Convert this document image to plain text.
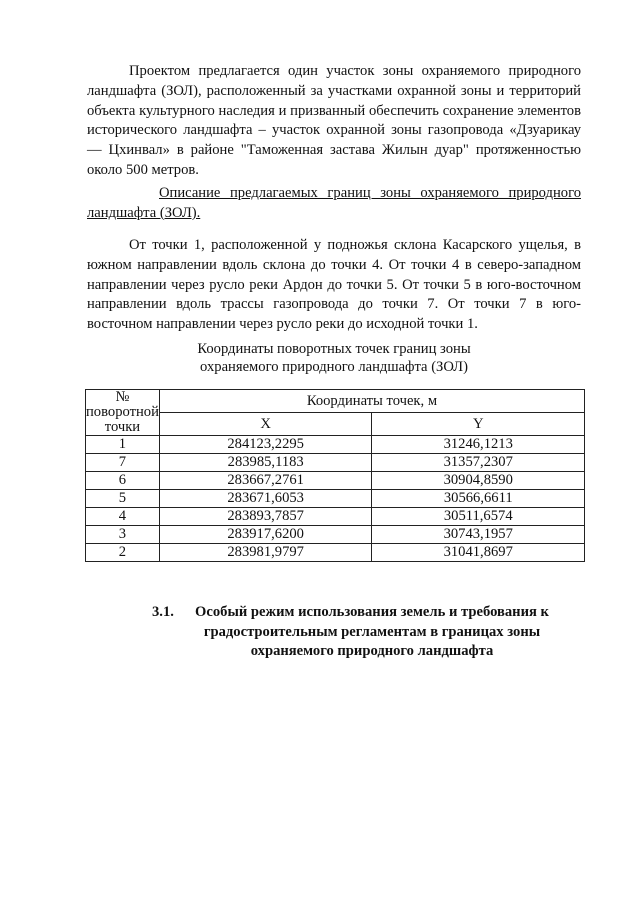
Проектом предлагается один участок зоны охраняемого природного ландшафта (ЗОЛ), расположенный за участками охранной зоны и территорий объекта культурного наследия и призванный обеспечить сохранение элементов исторического ландшафта – участок охранной зоны газопровода «Дзуарикау — Цхинвал» в районе "Таможенная застава Жилын дуар" протяженностью около 500 метров.

Описание предлагаемых границ зоны охраняемого природного ландшафта (ЗОЛ).

От точки 1, расположенной у подножья склона Касарского ущелья, в южном направлении вдоль склона до точки 4. От точки 4 в северо-западном направлении через русло реки Ардон до точки 5. От точки 5 в юго-восточном направлении вдоль трассы газопровода до точки 7. От точки 7 в юго-восточном направлении через русло реки до исходной точки 1.

Координаты поворотных точек границ зоны

охраняемого природного ландшафта (ЗОЛ)

№
поворотной
точки	Координаты точек, м	
	X	Y
1	284123,2295	31246,1213
7	283985,1183	31357,2307
6	283667,2761	30904,8590
5	283671,6053	30566,6611
4	283893,7857	30511,6574
3	283917,6200	30743,1957
2	283981,9797	31041,8697
3.1. Особый режим использования земель и требования к градостроительным регламентам в границах зоны охраняемого природного ландшафта
